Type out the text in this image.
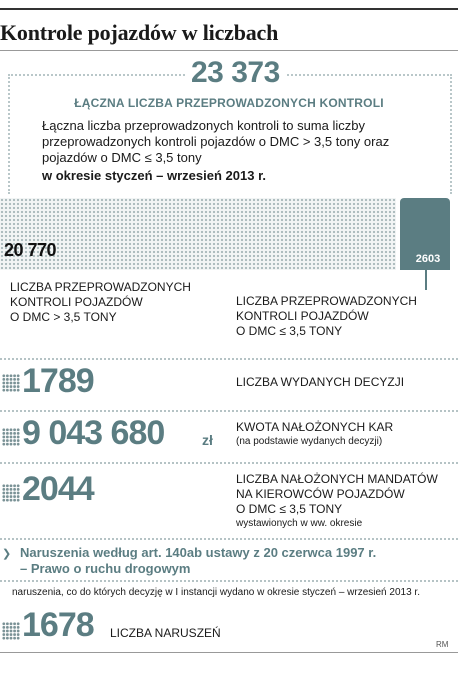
Kontrole pojazdów w liczbach
23 373
ŁĄCZNA LICZBA PRZEPROWADZONYCH KONTROLI
Łączna liczba przeprowadzonych kontroli to suma liczby przeprowadzonych kontroli pojazdów o DMC > 3,5 tony oraz pojazdów o DMC ≤ 3,5 tony
w okresie styczeń – wrzesień 2013 r.
20 770	2603
LICZBA PRZEPROWADZONYCH
KONTROLI POJAZDÓW
O DMC > 3,5 TONY
LICZBA PRZEPROWADZONYCH
KONTROLI POJAZDÓW
O DMC ≤ 3,5 TONY
1789	LICZBA WYDANYCH DECYZJI
9 043 680	zł
KWOTA NAŁOŻONYCH KAR
(na podstawie wydanych decyzji)
2044	LICZBA NAŁOŻONYCH MANDATÓW
NA KIEROWCÓW POJAZDÓW
O DMC ≤ 3,5 TONY
wystawionych w ww. okresie
❯ Naruszenia według art. 140ab ustawy z 20 czerwca 1997 r.
– Prawo o ruchu drogowym
naruszenia, co do których decyzję w I instancji wydano w okresie styczeń – wrzesień 2013 r.
1678 LICZBA NARUSZEŃ
RM
